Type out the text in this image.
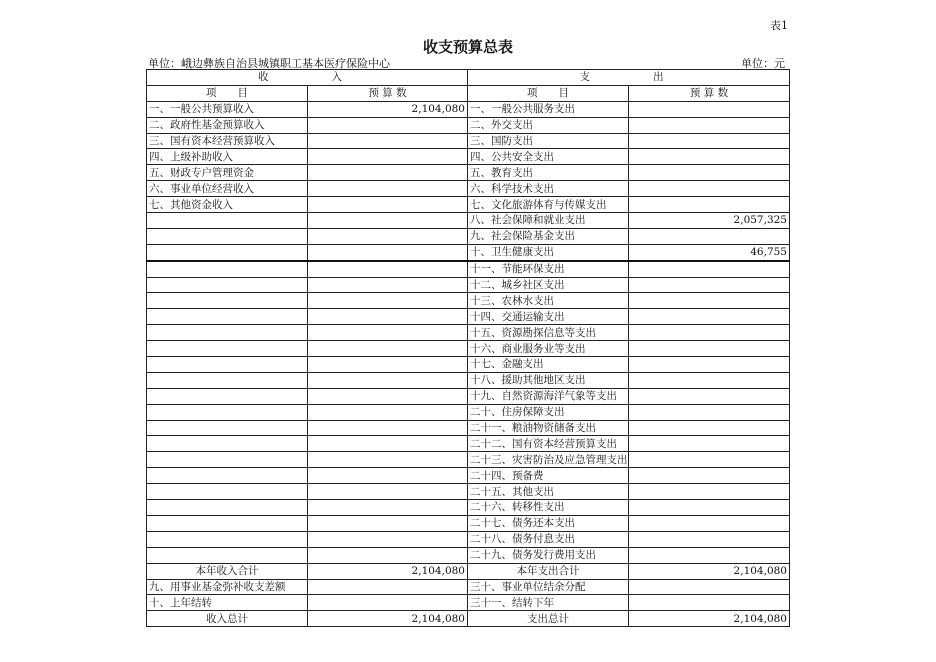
表1
收支预算总表
单位：峨边彝族自治县城镇职工基本医疗保险中心	单位：元
收　　入		支　　出	
项　　目	预 算 数	项　　目	预 算 数
一、一般公共预算收入	2,104,080	一、一般公共服务支出	
二、政府性基金预算收入		二、外交支出	
三、国有资本经营预算收入		三、国防支出	
四、上级补助收入		四、公共安全支出	
五、财政专户管理资金		五、教育支出	
六、事业单位经营收入		六、科学技术支出	
七、其他资金收入		七、文化旅游体育与传媒支出	
		八、社会保障和就业支出	2,057,325
		九、社会保险基金支出	
		十、卫生健康支出	46,755
		十一、节能环保支出	
		十二、城乡社区支出	
		十三、农林水支出	
		十四、交通运输支出	
		十五、资源勘探信息等支出	
		十六、商业服务业等支出	
		十七、金融支出	
		十八、援助其他地区支出	
		十九、自然资源海洋气象等支出	
		二十、住房保障支出	
		二十一、粮油物资储备支出	
		二十二、国有资本经营预算支出	
		二十三、灾害防治及应急管理支出	
		二十四、预备费	
		二十五、其他支出	
		二十六、转移性支出	
		二十七、债务还本支出	
		二十八、债务付息支出	
		二十九、债务发行费用支出	
本年收入合计	2,104,080	本年支出合计	2,104,080
九、用事业基金弥补收支差额		三十、事业单位结余分配	
十、上年结转		三十一、结转下年	
收入总计	2,104,080	支出总计	2,104,080
